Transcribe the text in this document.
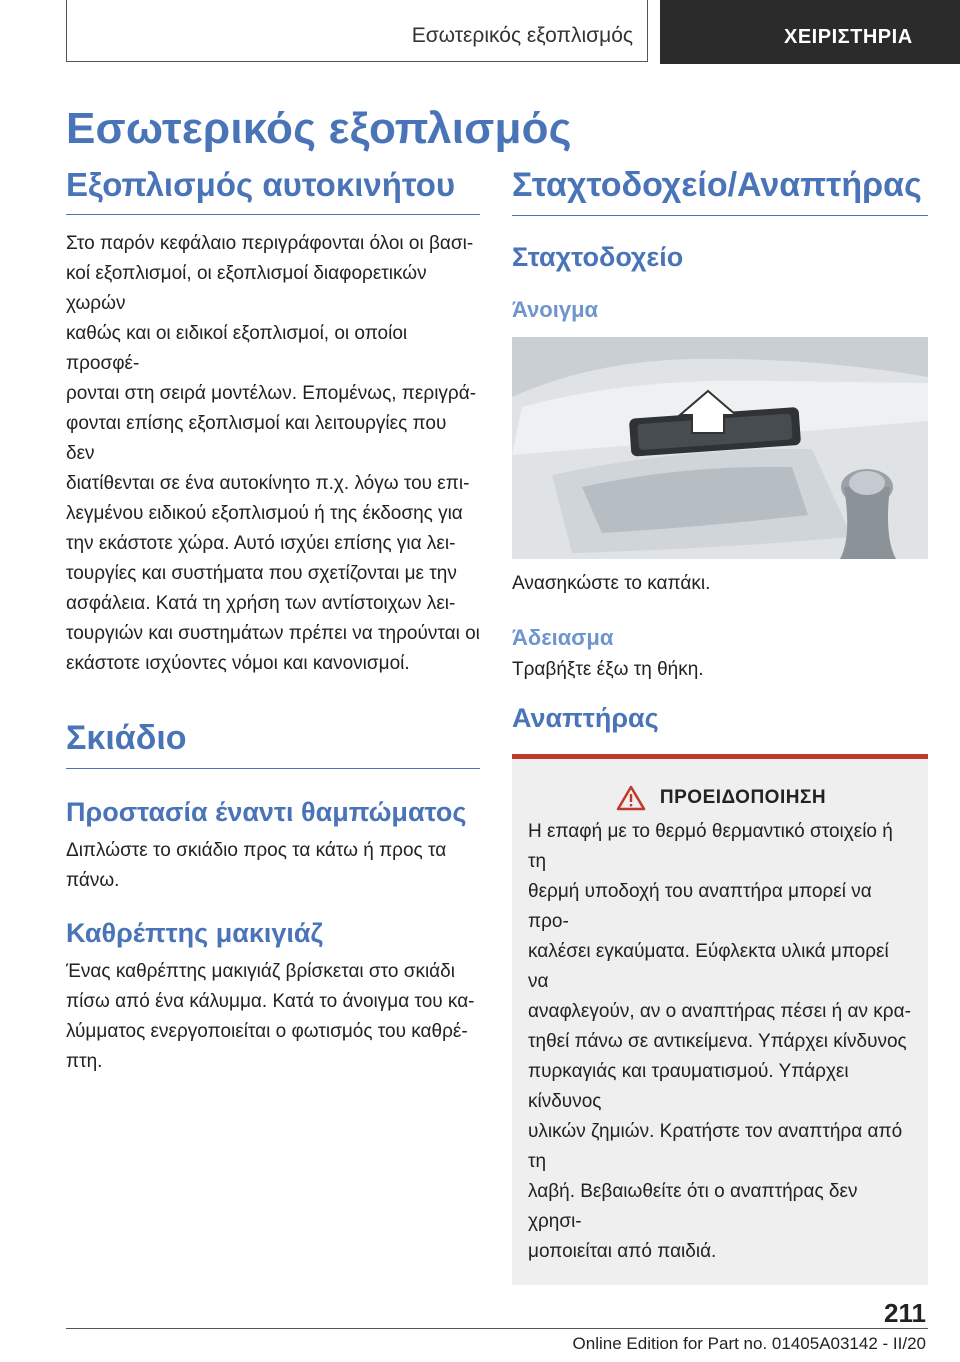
Εσωτερικός εξοπλισμός	ΧΕΙΡΙΣΤΗΡΙΑ
Εσωτερικός εξοπλισμός
Εξοπλισμός αυτοκινήτου

Στο παρόν κεφάλαιο περιγράφονται όλοι οι βασι-
κοί εξοπλισμοί, οι εξοπλισμοί διαφορετικών χωρών
καθώς και οι ειδικοί εξοπλισμοί, οι οποίοι προσφέ-
ρονται στη σειρά μοντέλων. Επομένως, περιγρά-
φονται επίσης εξοπλισμοί και λειτουργίες που δεν
διατίθενται σε ένα αυτοκίνητο π.χ. λόγω του επι-
λεγμένου ειδικού εξοπλισμού ή της έκδοσης για
την εκάστοτε χώρα. Αυτό ισχύει επίσης για λει-
τουργίες και συστήματα που σχετίζονται με την
ασφάλεια. Κατά τη χρήση των αντίστοιχων λει-
τουργιών και συστημάτων πρέπει να τηρούνται οι
εκάστοτε ισχύοντες νόμοι και κανονισμοί.

Σκιάδιο
Προστασία έναντι θαμπώματος

Διπλώστε το σκιάδιο προς τα κάτω ή προς τα
πάνω.

Καθρέπτης μακιγιάζ

Ένας καθρέπτης μακιγιάζ βρίσκεται στο σκιάδι
πίσω από ένα κάλυμμα. Κατά το άνοιγμα του κα-
λύμματος ενεργοποιείται ο φωτισμός του καθρέ-
πτη.

Σταχτοδοχείο/Αναπτήρας
Σταχτοδοχείο
Άνοιγμα

Ανασηκώστε το καπάκι.

Άδειασμα

Τραβήξτε έξω τη θήκη.

Αναπτήρας
ΠΡΟΕΙΔΟΠΟΙΗΣΗ

Η επαφή με το θερμό θερμαντικό στοιχείο ή τη
θερμή υποδοχή του αναπτήρα μπορεί να προ-
καλέσει εγκαύματα. Εύφλεκτα υλικά μπορεί να
αναφλεγούν, αν ο αναπτήρας πέσει ή αν κρα-
τηθεί πάνω σε αντικείμενα. Υπάρχει κίνδυνος
πυρκαγιάς και τραυματισμού. Υπάρχει κίνδυνος
υλικών ζημιών. Κρατήστε τον αναπτήρα από τη
λαβή. Βεβαιωθείτε ότι ο αναπτήρας δεν χρησι-
μοποιείται από παιδιά.

211
Online Edition for Part no. 01405A03142 - II/20
